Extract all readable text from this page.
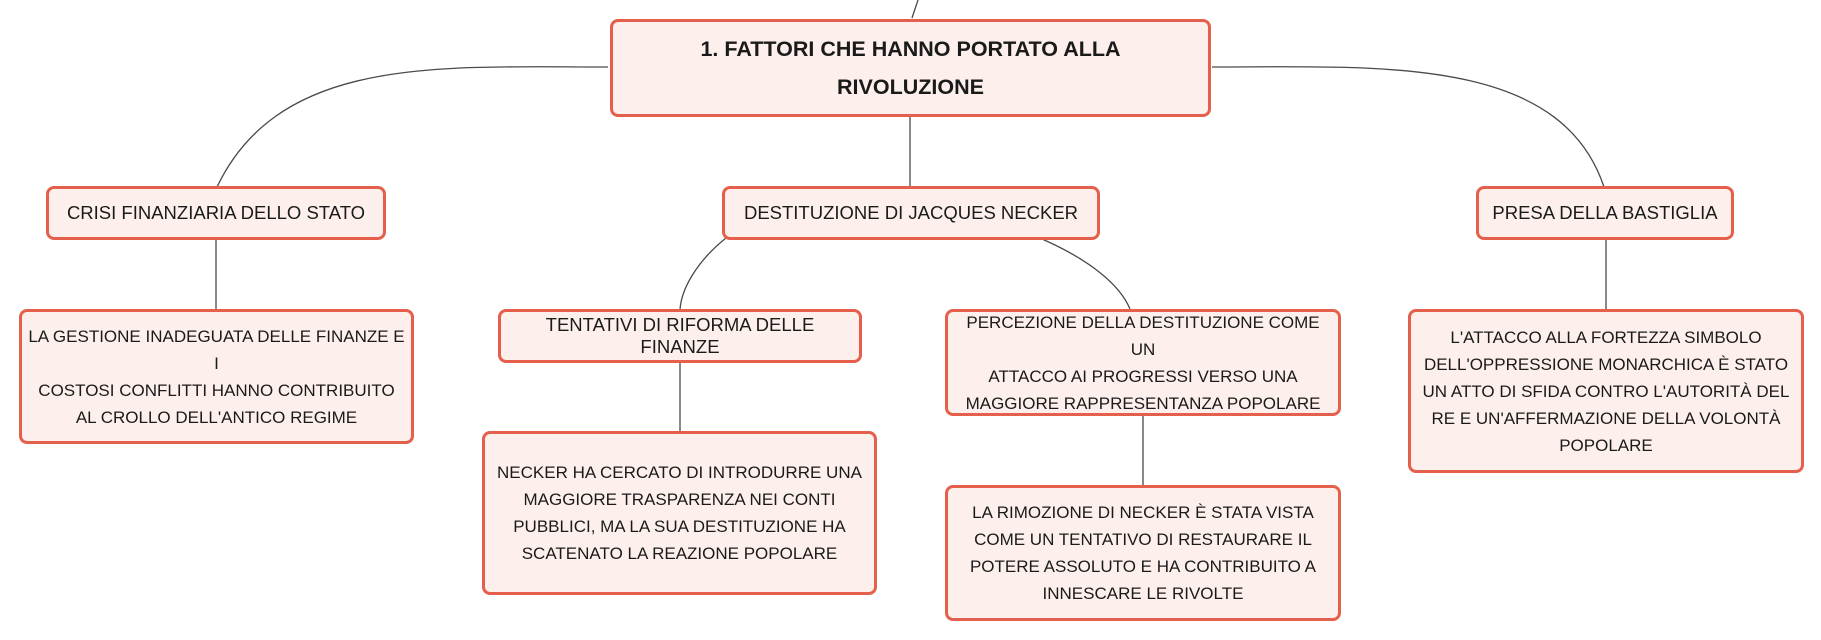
1. FATTORI CHE HANNO PORTATO ALLA
RIVOLUZIONE
CRISI FINANZIARIA DELLO STATO	DESTITUZIONE DI JACQUES NECKER	PRESA DELLA BASTIGLIA
LA GESTIONE INADEGUATA DELLE FINANZE E I
COSTOSI CONFLITTI HANNO CONTRIBUITO
AL CROLLO DELL'ANTICO REGIME
TENTATIVI DI RIFORMA DELLE FINANZE
NECKER HA CERCATO DI INTRODURRE UNA
MAGGIORE TRASPARENZA NEI CONTI
PUBBLICI, MA LA SUA DESTITUZIONE HA
SCATENATO LA REAZIONE POPOLARE
PERCEZIONE DELLA DESTITUZIONE COME UN
ATTACCO AI PROGRESSI VERSO UNA
MAGGIORE RAPPRESENTANZA POPOLARE
LA RIMOZIONE DI NECKER È STATA VISTA
COME UN TENTATIVO DI RESTAURARE IL
POTERE ASSOLUTO E HA CONTRIBUITO A
INNESCARE LE RIVOLTE
L'ATTACCO ALLA FORTEZZA SIMBOLO
DELL'OPPRESSIONE MONARCHICA È STATO
UN ATTO DI SFIDA CONTRO L'AUTORITÀ DEL
RE E UN'AFFERMAZIONE DELLA VOLONTÀ
POPOLARE
